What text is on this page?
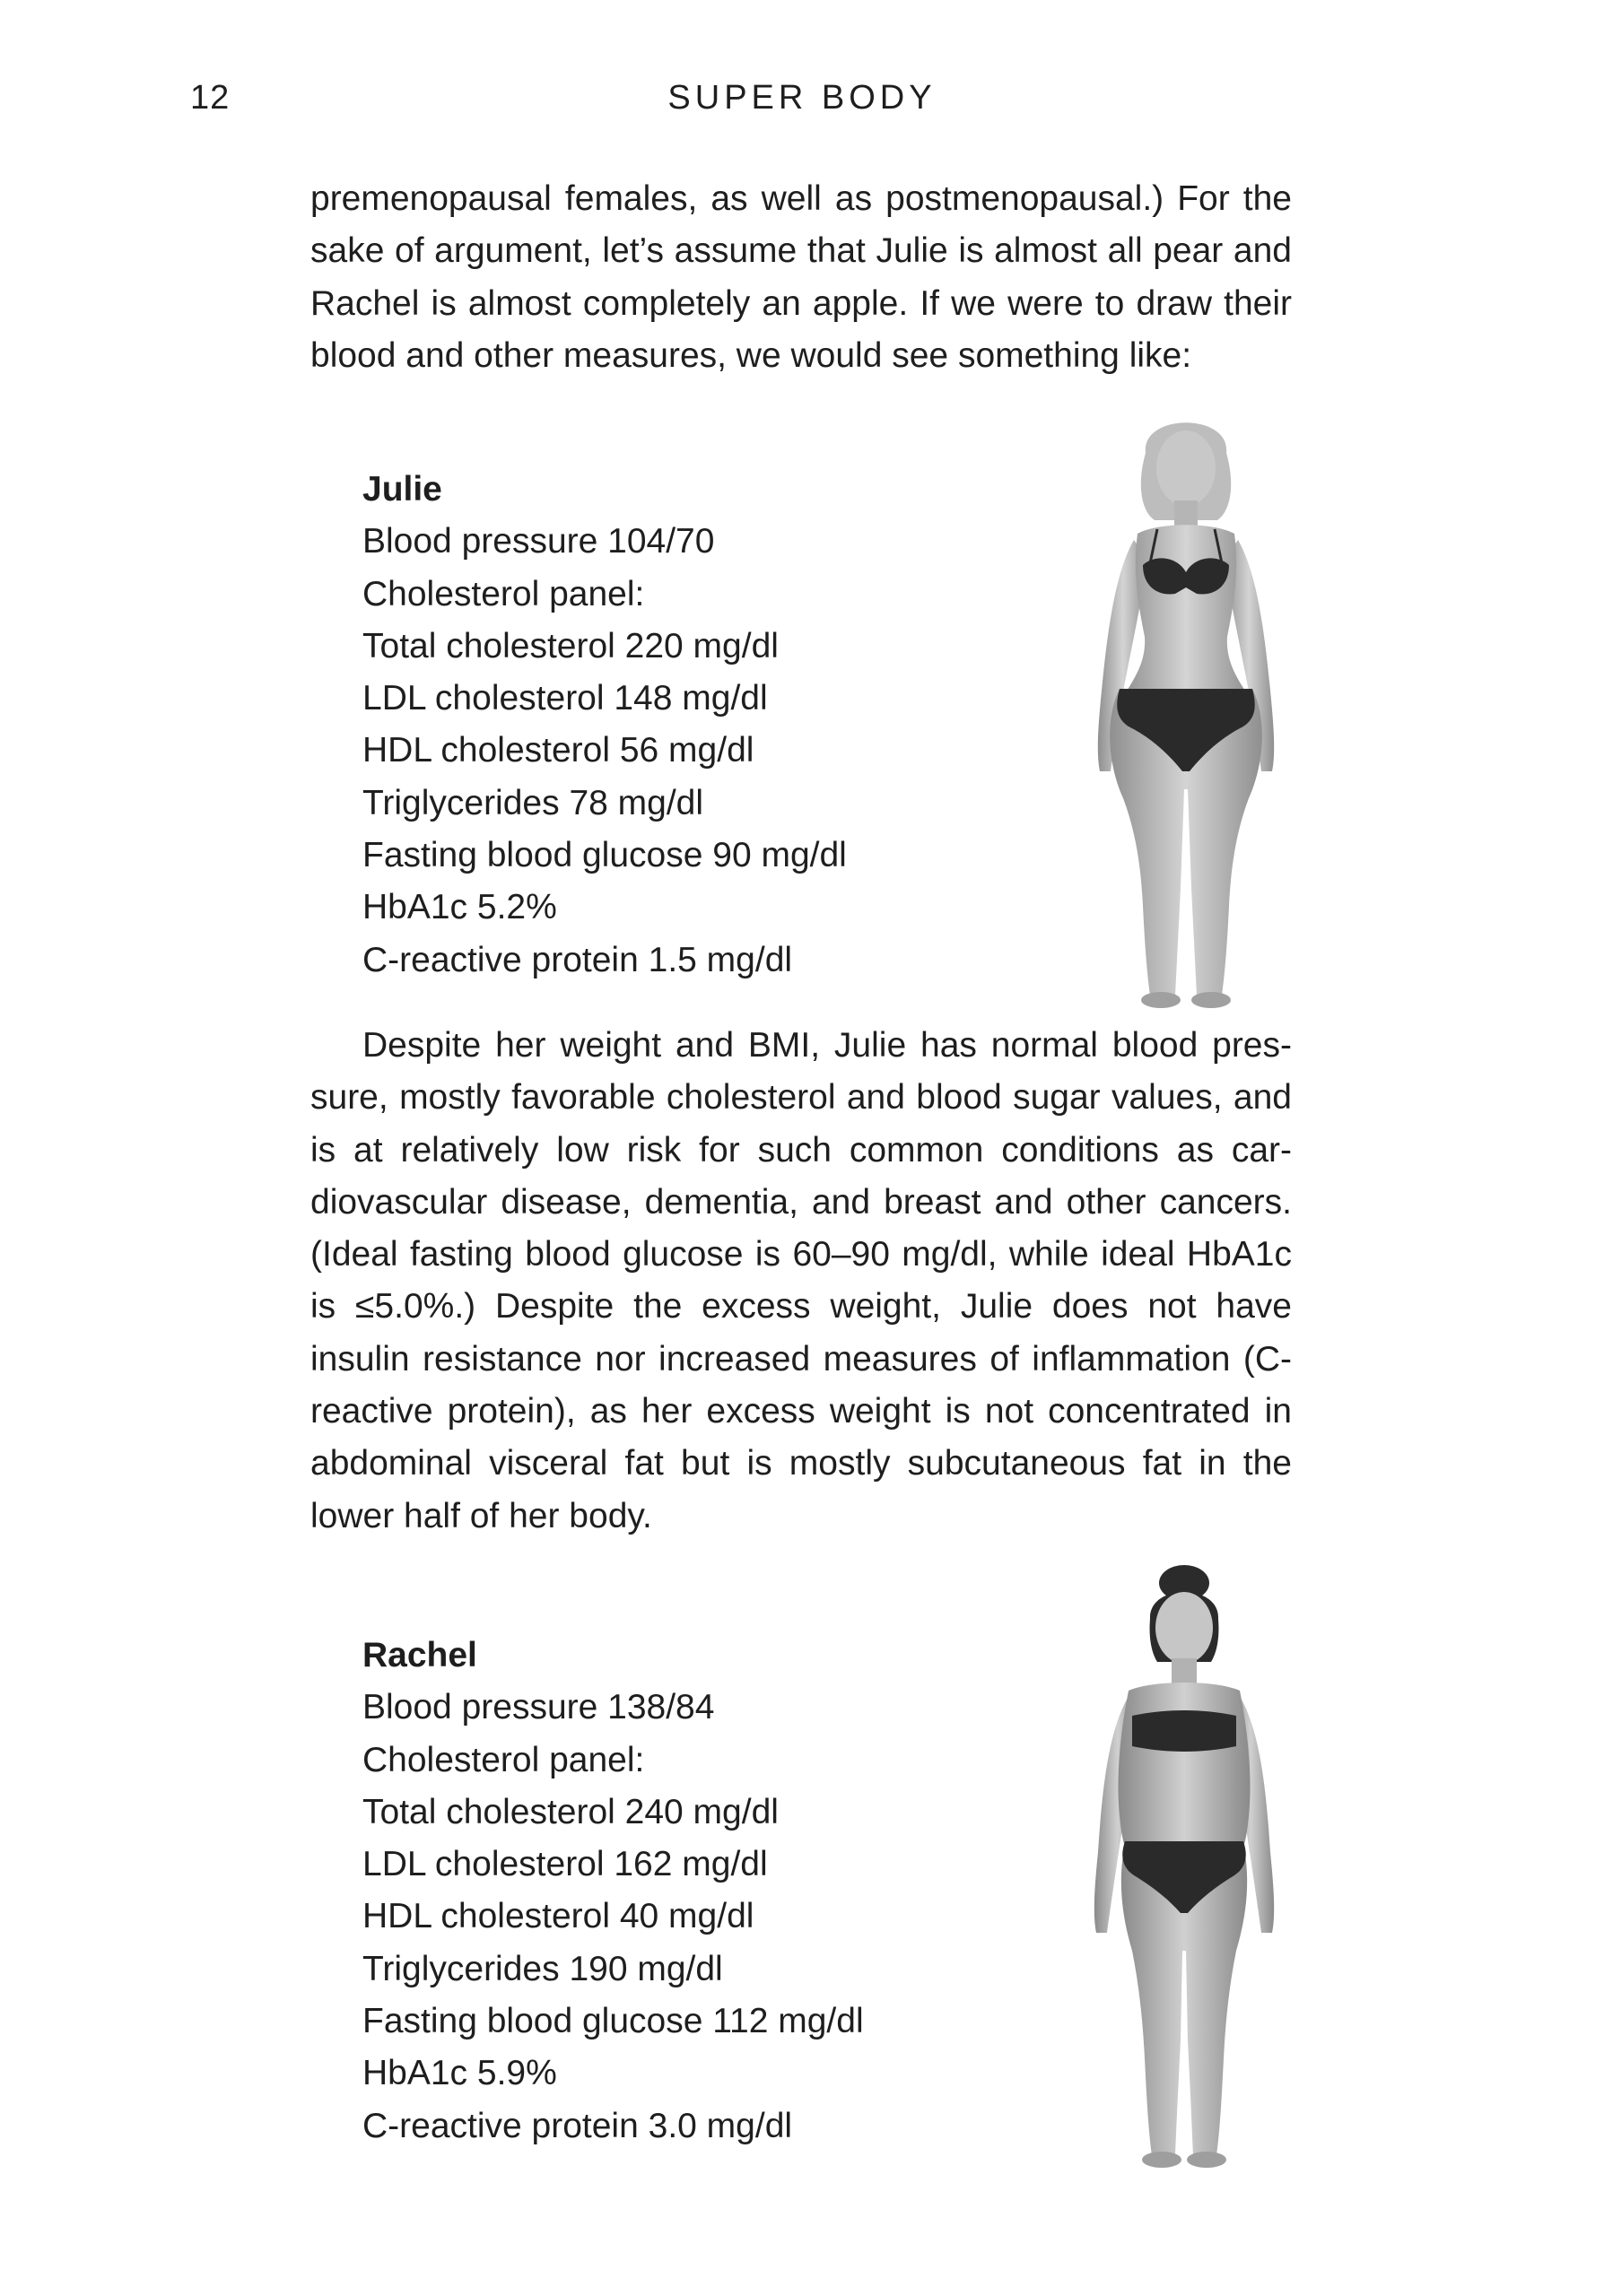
12	SUPER BODY

premenopausal females, as well as postmenopausal.) For the sake of argument, let’s assume that Julie is almost all pear and Rachel is almost completely an apple. If we were to draw their blood and other measures, we would see something like:

Julie
Blood pressure 104/70
Cholesterol panel:
Total cholesterol 220 mg/dl
LDL cholesterol 148 mg/dl
HDL cholesterol 56 mg/dl
Triglycerides 78 mg/dl
Fasting blood glucose 90 mg/dl
HbA1c 5.2%
C-reactive protein 1.5 mg/dl

Despite her weight and BMI, Julie has normal blood pres-sure, mostly favorable cholesterol and blood sugar values, and is at relatively low risk for such common conditions as car-diovascular disease, dementia, and breast and other cancers. (Ideal fasting blood glucose is 60–90 mg/dl, while ideal HbA1c is ≤5.0%.) Despite the excess weight, Julie does not have insulin resistance nor increased measures of inflammation (C-reactive protein), as her excess weight is not concentrated in abdominal visceral fat but is mostly subcutaneous fat in the lower half of her body.

Rachel
Blood pressure 138/84
Cholesterol panel:
Total cholesterol 240 mg/dl
LDL cholesterol 162 mg/dl
HDL cholesterol 40 mg/dl
Triglycerides 190 mg/dl
Fasting blood glucose 112 mg/dl
HbA1c 5.9%
C-reactive protein 3.0 mg/dl
